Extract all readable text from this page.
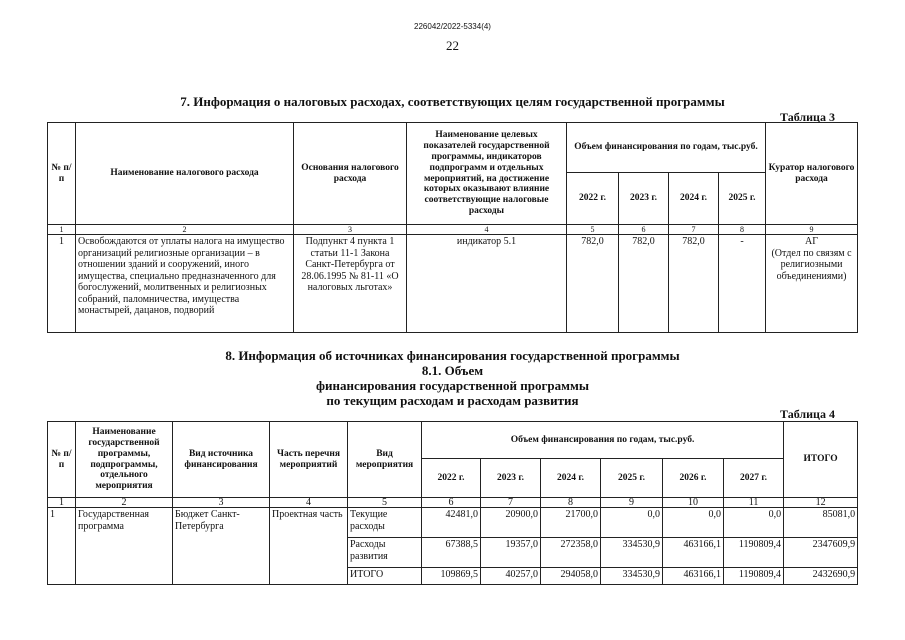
226042/2022-5334(4)
22
7. Информация о налоговых расходах, соответствующих целям государственной программы
Таблица 3
№ п/п	Наименование налогового расхода	Основания налогового расхода	Наименование целевых показателей государственной программы, индикаторов подпрограмм и отдельных мероприятий, на достижение которых оказывают влияние соответствующие налоговые расходы	Объем финансирования по годам, тыс.руб.				Куратор налогового расхода
				2022 г.	2023 г.	2024 г.	2025 г.	
1	2	3	4	5	6	7	8	9
1	Освобождаются от уплаты налога на имущество организаций религиозные организации – в отношении зданий и сооружений, иного имущества, специально предназначенного для богослужений, молитвенных и религиозных собраний, паломничества, имущества монастырей, дацанов, подворий	Подпункт 4 пункта 1 статьи 11-1 Закона Санкт-Петербурга от 28.06.1995 № 81-11 «О налоговых льготах»	индикатор 5.1	782,0	782,0	782,0	-	АГ
(Отдел по связям с религиозными объединениями)
8. Информация об источниках финансирования государственной программы
8.1. Объем
финансирования государственной программы
по текущим расходам и расходам развития
Таблица 4
№ п/п	Наименование государственной программы, подпрограммы, отдельного мероприятия	Вид источника финансирования	Часть перечня мероприятий	Вид мероприятия	Объем финансирования по годам, тыс.руб.						ИТОГО
					2022 г.	2023 г.	2024 г.	2025 г.	2026 г.	2027 г.	
1	2	3	4	5	6	7	8	9	10	11	12
1	Государственная программа	Бюджет Санкт-Петербурга	Проектная часть	Текущие расходы	42481,0	20900,0	21700,0	0,0	0,0	0,0	85081,0
				Расходы развития	67388,5	19357,0	272358,0	334530,9	463166,1	1190809,4	2347609,9
				ИТОГО	109869,5	40257,0	294058,0	334530,9	463166,1	1190809,4	2432690,9
